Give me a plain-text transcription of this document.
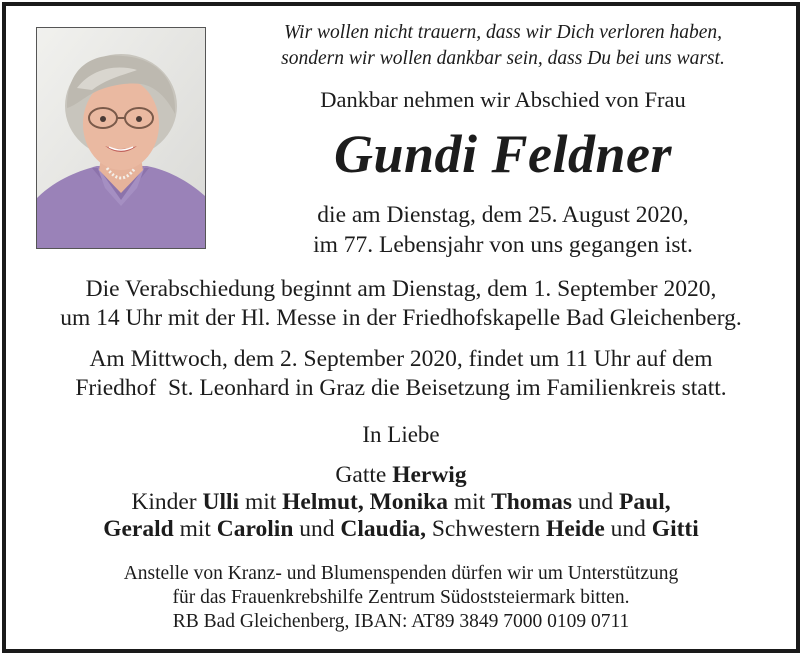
Wir wollen nicht trauern, dass wir Dich verloren haben,
sondern wir wollen dankbar sein, dass Du bei uns warst.
Dankbar nehmen wir Abschied von Frau
Gundi Feldner
die am Dienstag, dem 25. August 2020,
im 77. Lebensjahr von uns gegangen ist.
Die Verabschiedung beginnt am Dienstag, dem 1. September 2020,
um 14 Uhr mit der Hl. Messe in der Friedhofskapelle Bad Gleichenberg.
Am Mittwoch, dem 2. September 2020, findet um 11 Uhr auf dem
Friedhof  St. Leonhard in Graz die Beisetzung im Familienkreis statt.
In Liebe
Gatte Herwig
Kinder Ulli mit Helmut, Monika mit Thomas und Paul,
Gerald mit Carolin und Claudia, Schwestern Heide und Gitti
Anstelle von Kranz- und Blumenspenden dürfen wir um Unterstützung
für das Frauenkrebshilfe Zentrum Südoststeiermark bitten.
RB Bad Gleichenberg, IBAN: AT89 3849 7000 0109 0711
